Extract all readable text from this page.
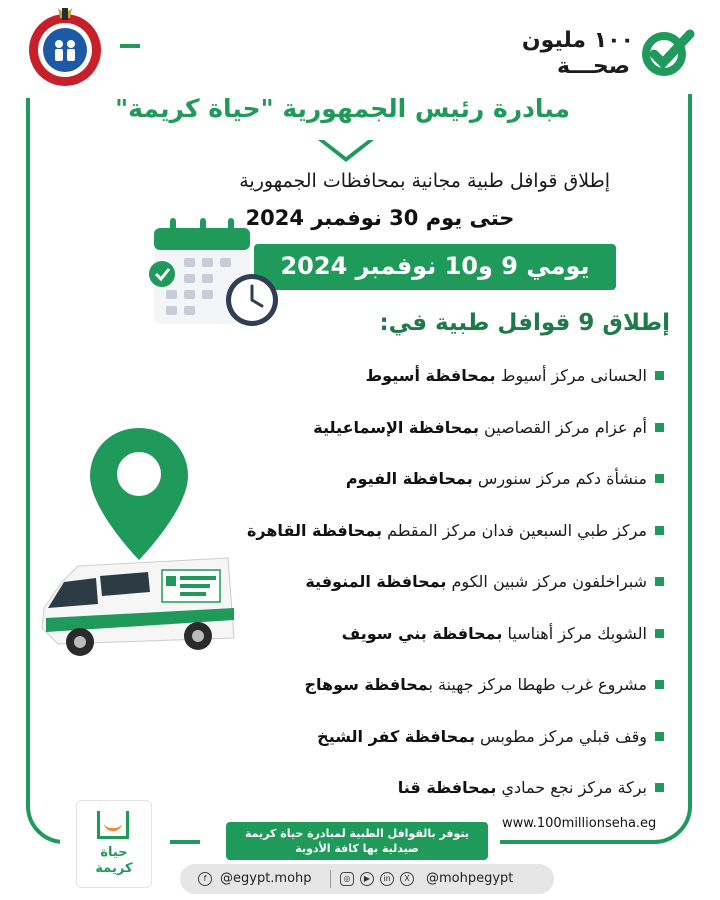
١٠٠ مليون
صحـــة
مبادرة رئيس الجمهورية "حياة كريمة"
إطلاق قوافل طبية مجانية بمحافظات الجمهورية
حتى يوم 30 نوفمبر 2024
يومي 9 و10 نوفمبر 2024
إطلاق 9 قوافل طبية في:
الحسانى مركز أسيوط بمحافظة أسيوط
أم عزام مركز القصاصين بمحافظة الإسماعيلية
منشأة دكم مركز سنورس بمحافظة الفيوم
مركز طبي السبعين فدان مركز المقطم بمحافظة القاهرة
شبراخلفون مركز شبين الكوم بمحافظة المنوفية
الشوبك مركز أهناسيا بمحافظة بني سويف
مشروع غرب طهطا مركز جهينة بمحافظة سوهاج
وقف قبلي مركز مطوبس بمحافظة كفر الشيخ
بركة مركز نجع حمادي بمحافظة قنا
حياة
كريمة
يتوفر بالقوافل الطبية لمبادرة حياة كريمة
صيدلية بها كافة الأدوية
www.100millionseha.eg
f	@egypt.mohp	◎	▶	in	X	@mohpegypt
